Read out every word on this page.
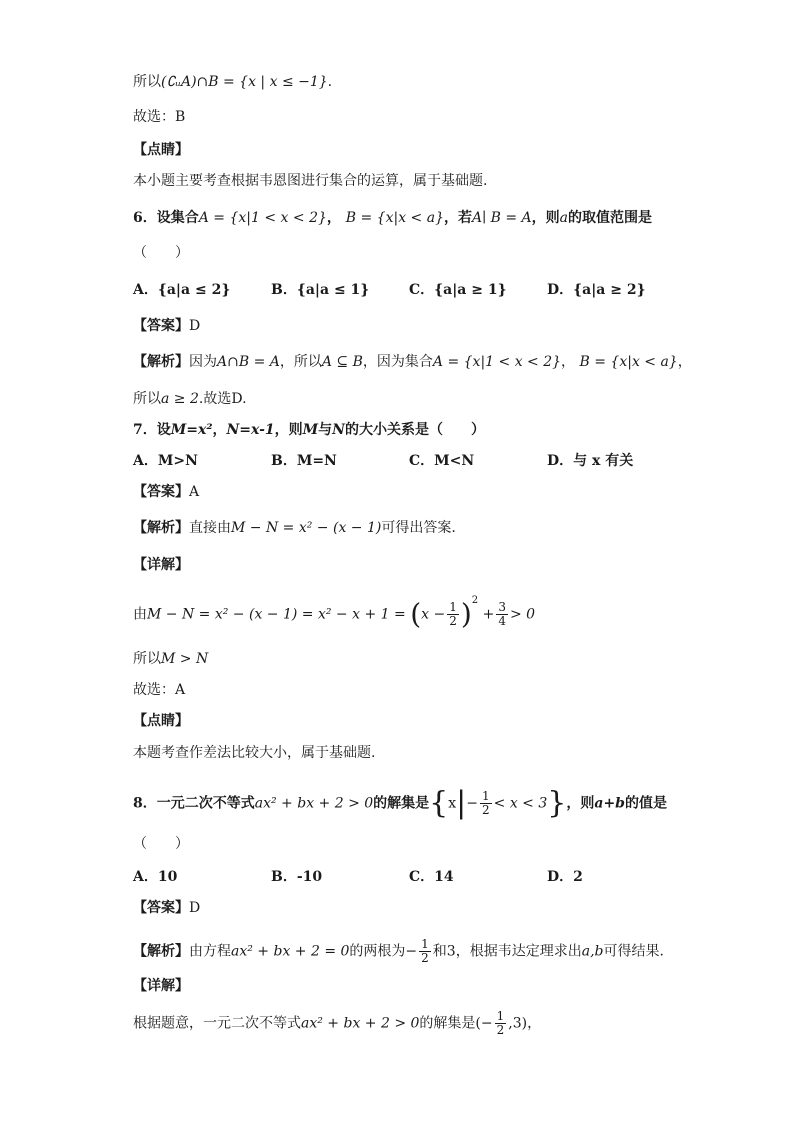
所以(∁ᵤA)∩B = {x | x ≤ −1}.
故选：B
【点睛】
本小题主要考查根据韦恩图进行集合的运算，属于基础题.
6．设集合A = {x|1 < x < 2}， B = {x|x < a}，若A∣ B = A，则a的取值范围是
（　　）
A．{a|a ≤ 2}	B．{a|a ≤ 1}	C．{a|a ≥ 1}	D．{a|a ≥ 2}
【答案】D
【解析】因为A∩B = A，所以A ⊆ B，因为集合A = {x|1 < x < 2}， B = {x|x < a}，
所以a ≥ 2.故选D.
7．设M=x²，N=x-1，则M与N的大小关系是（　　）
A．M>N	B．M=N	C．M<N	D．与 x 有关
【答案】A
【解析】直接由M − N = x² − (x − 1)可得出答案.
【详解】
由$M - N = x^2 - (x - 1) = x^2 - x + 1 = (x - \frac{1}{2} )^2 + \frac{3}{4} > 0$
所以M > N
故选：A
【点睛】
本题考查作差法比较大小，属于基础题.
8．一元二次不等式ax² + bx + 2 > 0的解集是$\{x|- \frac{1}{2} < x < 3\}$，则a+b的值是
（　　）
A．10	B．-10	C．14	D．2
【答案】D
【解析】由方程ax² + bx + 2 = 0的两根为− $\frac{1}{2}$ 和3，根据韦达定理求出a,b可得结果.
【详解】
根据题意，一元二次不等式ax² + bx + 2 > 0的解集是(− $\frac{1}{2} ,3$)，
